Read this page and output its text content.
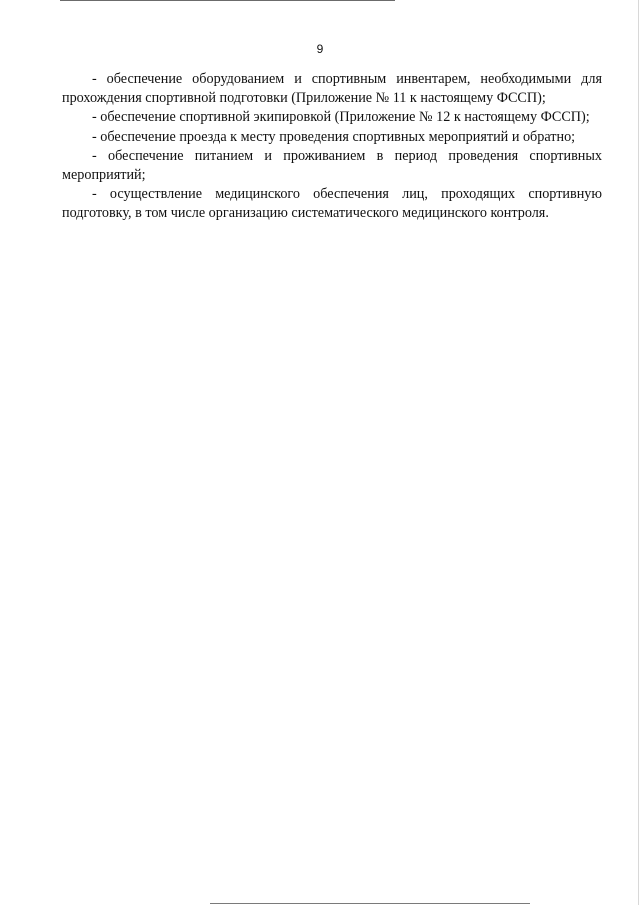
9

- обеспечение оборудованием и спортивным инвентарем, необходимыми для прохождения спортивной подготовки (Приложение № 11 к настоящему ФССП);

- обеспечение спортивной экипировкой (Приложение № 12 к настоящему ФССП);

- обеспечение проезда к месту проведения спортивных мероприятий и обратно;

- обеспечение питанием и проживанием в период проведения спортивных мероприятий;

- осуществление медицинского обеспечения лиц, проходящих спортивную подготовку, в том числе организацию систематического медицинского контроля.
